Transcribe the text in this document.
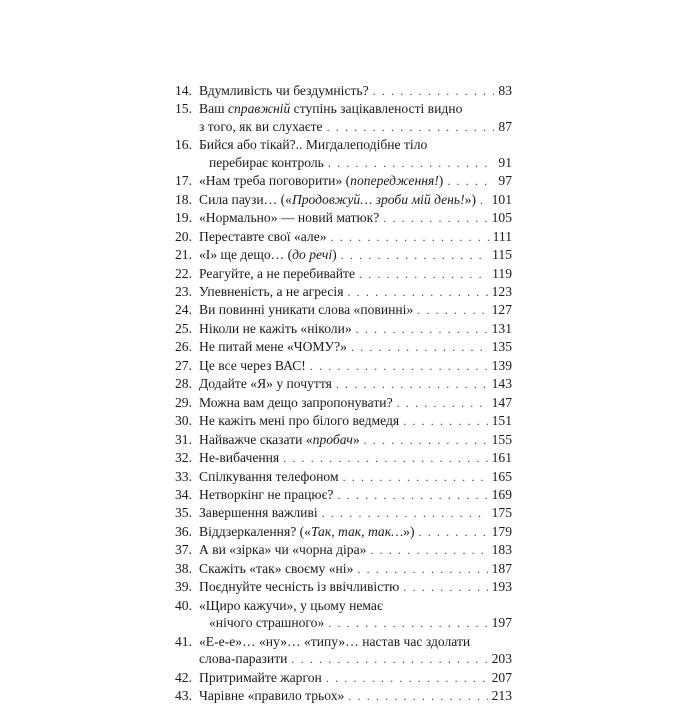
14. Вдумливість чи бездумність? . . .	83
15. Ваш справжній ступінь зацікавленості видно
з того, як ви слухаєте . . .	87
16. Бийся або тікай?.. Мигдалеподібне тіло
перебирає контроль . . .	91
17. «Нам треба поговорити» (попередження!) . . .	97
18. Сила паузи… («Продовжуй… зроби мій день!») . . . 101
19. «Нормально» — новий матюк? . . .	105
20. Переставте свої «але» . . .	111
21. «І» ще дещо… (до речі) . . .	115
22. Реагуйте, а не перебивайте . . .	119
23. Упевненість, а не агресія . . .	123
24. Ви повинні уникати слова «повинні» . . .	127
25. Ніколи не кажіть «ніколи» . . .	131
26. Не питай мене «ЧОМУ?» . . .	135
27. Це все через ВАС! . . .	139
28. Додайте «Я» у почуття . . .	143
29. Можна вам дещо запропонувати? . . .	147
30. Не кажіть мені про білого ведмедя . . .	151
31. Найважче сказати «пробач» . . .	155
32. Не-вибачення . . .	161
33. Спілкування телефоном . . .	165
34. Нетворкінг не працює? . . .	169
35. Завершення важливі . . .	175
36. Віддзеркалення? («Так, так, так…») . . .	179
37. А ви «зірка» чи «чорна діра» . . .	183
38. Скажіть «так» своєму «ні» . . .	187
39. Поєднуйте чесність із ввічливістю . . .	193
40. «Щиро кажучи», у цьому немає
«нічого страшного» . . .	197
41. «Е-е-е»… «ну»… «типу»… настав час здолати
слова-паразити . . .	203
42. Притримайте жаргон . . .	207
43. Чарівне «правило трьох» . . .	213
